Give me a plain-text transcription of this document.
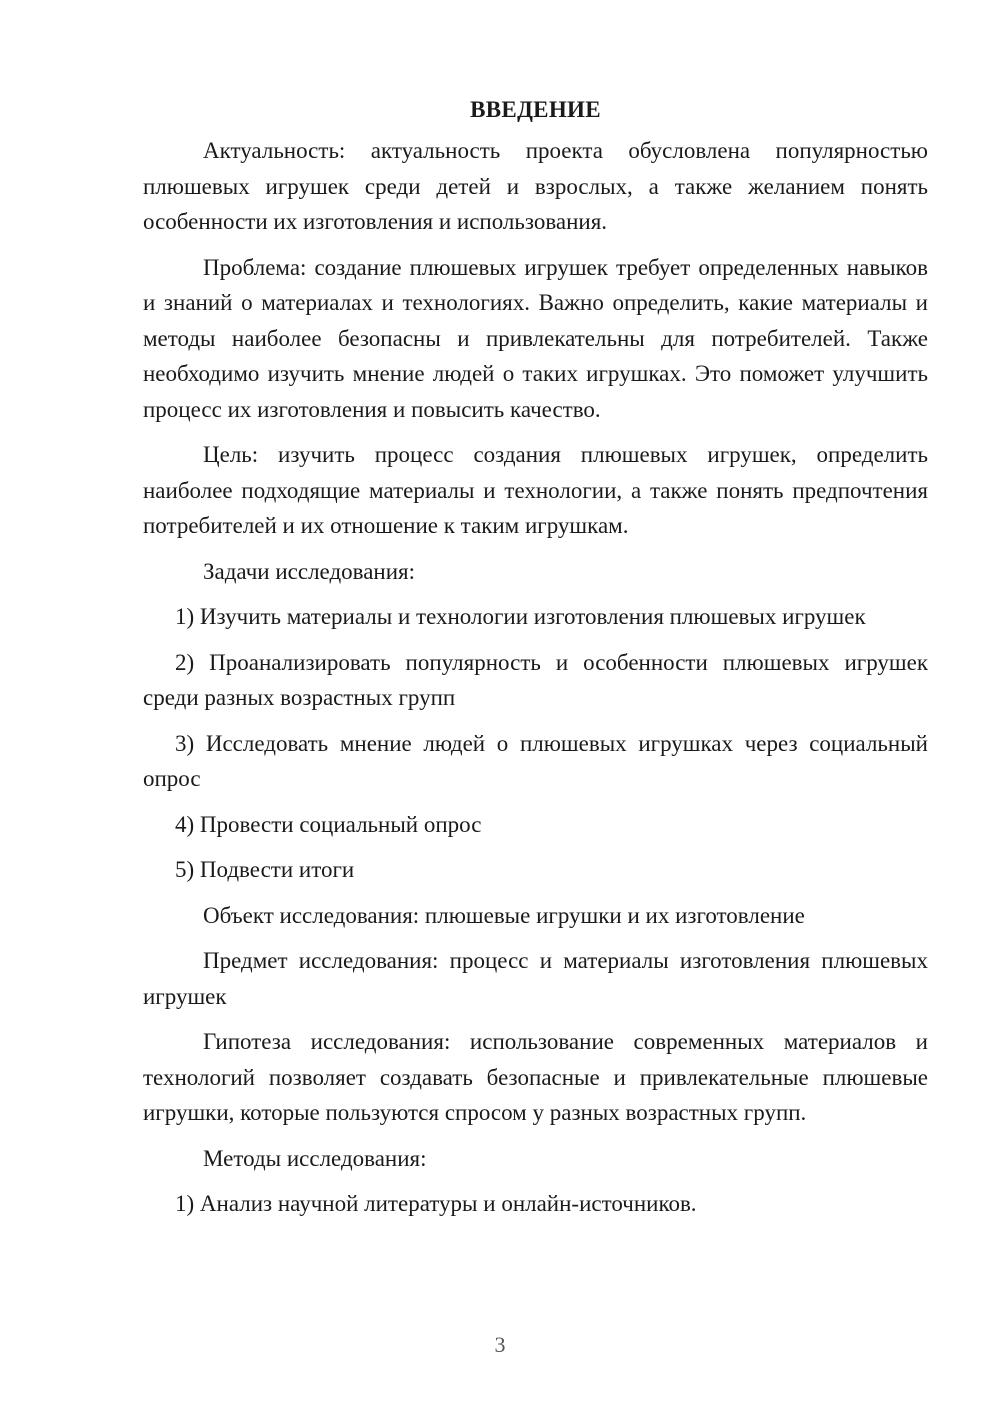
ВВЕДЕНИЕ

Актуальность: актуальность проекта обусловлена популярностью плюшевых игрушек среди детей и взрослых, а также желанием понять особенности их изготовления и использования.

Проблема: создание плюшевых игрушек требует определенных навыков и знаний о материалах и технологиях. Важно определить, какие материалы и методы наиболее безопасны и привлекательны для потребителей. Также необходимо изучить мнение людей о таких игрушках. Это поможет улучшить процесс их изготовления и повысить качество.

Цель: изучить процесс создания плюшевых игрушек, определить наиболее подходящие материалы и технологии, а также понять предпочтения потребителей и их отношение к таким игрушкам.

Задачи исследования:

1) Изучить материалы и технологии изготовления плюшевых игрушек

2) Проанализировать популярность и особенности плюшевых игрушек среди разных возрастных групп

3) Исследовать мнение людей о плюшевых игрушках через социальный опрос

4) Провести социальный опрос

5) Подвести итоги

Объект исследования: плюшевые игрушки и их изготовление

Предмет исследования: процесс и материалы изготовления плюшевых игрушек

Гипотеза исследования: использование современных материалов и технологий позволяет создавать безопасные и привлекательные плюшевые игрушки, которые пользуются спросом у разных возрастных групп.

Методы исследования:

1) Анализ научной литературы и онлайн-источников.

3
